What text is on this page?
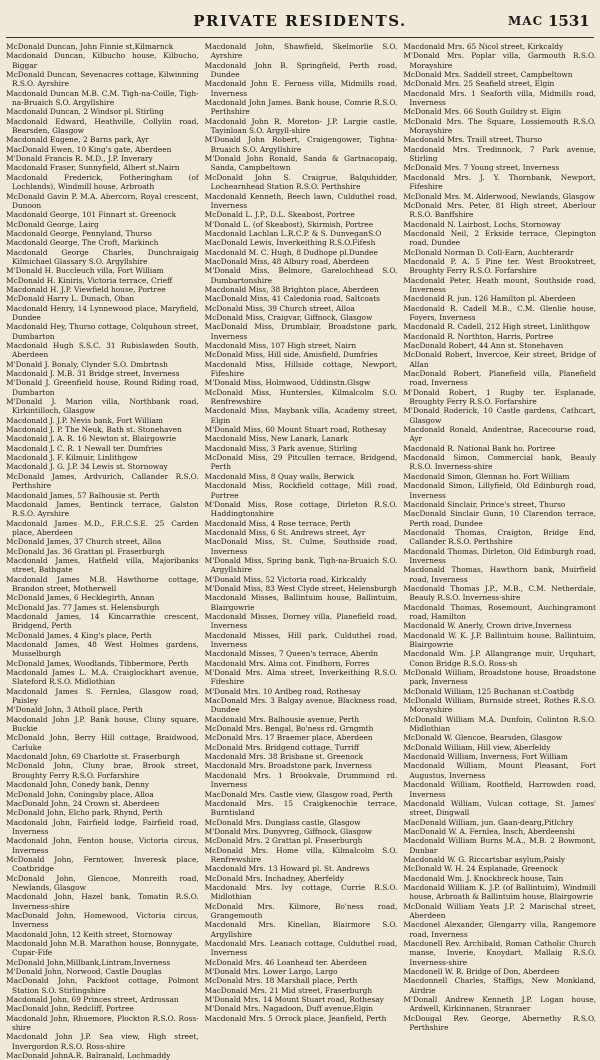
PRIVATE RESIDENTS.	MAC 1531

McDonald Duncan, John Finnie st,Kilmarnck

Macdonald Duncan, Kilbucho house, Kilbucho, Biggar

McDonald Duncan, Sevenacres cottage, Kilwinning R.S.O. Ayrshire

Macdonald Duncan M.B. C.M. Tigh-na-Coille, Tigh-na-Bruaich S.O. Argyllshire

Macdonald Duncan, 2 Windsor pl. Stirling

Macdonald Edward, Heathville, Collylin road, Bearsden, Glasgow

Macdonald Eugene, 2 Barns park, Ayr

MacDonald Ewen, 10 King's gate, Aberdeen

M'Donald Francis R. M.D., J.P. Inverary

Macdonald Fraser, Sunnyfield, Albert st.Nairn

Macdonald Frederick, Fotheringham (of Lochlands), Windmill house, Arbroath

McDonald Gavin P. M.A. Abercorn, Royal crescent, Dunoon

Macdonald George, 101 Finnart st. Greenock

McDonald George, Lairg

Macdonald George, Pennyland, Thurso

Macdonald George, The Croft, Markinch

Macdonald George Charles, Dunchraigaig Kilmichael Glassary S.O. Argyllshire

M'Donald H. Buccleuch villa, Fort William

McDonald H. Kiniris, Victoria terrace, Crieff

Macdonald H. J.P. Viewfield house, Portree

McDonald Harry L. Dunach, Oban

Macdonald Henry, 14 Lynnewood place, Maryfield, Dundee

Macdonald Hey, Thurso cottage, Colquhoun street, Dumbarton

Macdonald Hugh S.S.C. 31 Rubislawden South, Aberdeen

M'Donald J. Bonaly, Clynder S.O. Dmbrtnsh

Macdonald J. M.B. 31 Bridge street, Inverness

M'Donald J. Greenfield house, Round Riding road, Dumbarton

M'Donald J. Marion villa, Northbank road, Kirkintilloch, Glasgow

Macdonald J. J.P. Nevis bank, Fort William

Macdonald J. P. The Neuk, Bath st. Stonehaven

Macdonald J. A. R. 16 Newton st. Blairgowrie

Macdonald J. C. R. 1 Newall ter. Dumfries

Macdonald J. F. Kilmuir, Linlithgow

Macdonald J. G. J.P. 34 Lewis st. Stornoway

McDonald James, Ardvurich, Callander R.S.O. Perthshire

Macdonald James, 57 Balhousie st. Perth

Macdonald James, Bentinck terrace, Galston R.S.O. Ayrshire

Macdonald James M.D., F.R.C.S.E. 25 Carden place, Aberdeen

McDonald James, 37 Church street, Alloa

McDonald Jas. 36 Grattan pl. Fraserburgh

Macdonald James, Hatfield villa, Majoribanks street, Bathgate

Macdonald James M.B. Hawthorne cottage, Brandon street, Motherwell

McDonald James, 6 Hecklegirth, Annan

McDonald Jas. 77 James st. Helensburgh

Macdonald James, 14 Kincarrathie crescent, Bridgend, Perth

McDonald James, 4 King's place, Perth

Macdonald James, 48 West Holmes gardens, Musselburgh

McDonald James, Woodlands, Tibbermore, Perth

Macdonald James L. M.A. Craiglockhart avenue, Slateford R.S.O. Midlothian

Macdonald James S. Fernlea, Glasgow road, Paisley

M'Donald John, 3 Atholl place, Perth

Macdonald John J.P. Bank house, Cluny square, Buckie

McDonald John, Berry Hill cottage, Braidwood, Carluke

Macdonald John, 69 Charlotte st. Fraserburgh

McDonald John, Cluny brae, Brook street, Broughty Ferry R.S.O. Forfarshire

Macdonald John, Conedy bank, Denny

McDonald John, Coningsby place, Alloa

MacDonald John, 24 Crown st. Aberdeen

McDonald John, Elcho park, Rhynd, Perth

Macdonald John, Fairfield lodge, Fairfield road, Inverness

Macdonald John, Fenton house, Victoria circus, Inverness

McDonald John, Ferntower, Inveresk place, Coatbridge

McDonald John, Glencoe, Monreith road, Newlands, Glasgow

Macdonald John, Hazel bank, Tomatin R.S.O. Inverness-shire

MacDonald John, Homewood, Victoria circus, Inverness

Macdonald John, 12 Keith street, Stornoway

Macdonald John M.B. Marathon house, Bonnygate, Cupar-Fife

McDonald John,Millbank,Lintram,Inverness

M'Donald John, Norwood, Castle Douglas

MacDonald John, Packfoot cottage, Polmont Station S.O. Stirlingshire

Macdonald John, 69 Princes street, Ardrossan

MacDonald John, Redcliff, Portree

Macdonald John, Rhuemore, Plockton R.S.O. Ross-shire

Macdonald John J.P. Sea view, High street, Invergordon R.S.O. Ross-shire

MacDonald JohnA.R. Balranald, Lochmaddy

Macdonald John, Shawfield, Skelmorlie S.O. Ayrshire

Macdonald John B. Springfield, Perth road, Dundee

Macdonald John E. Ferness villa, Midmills road, Inverness

Macdonald John James. Bank house, Comrie R.S.O. Perthshire

Macdonald John R. Moreton- J.P. Largie castle, Tayinloan S.O. Argyll-shire

M'Donald John Robert, Craigengower, Tighna-Bruaich S.O. Argyllshire

M'Donald John Ronald, Sanda & Gartnacopaig, Sanda, Campbeltown

McDonald John S. Craigrue, Balquhidder, Lochearnhead Station R.S.O. Perthshire

Macdonald Kenneth, Beech lawn, Culduthel road, Inverness

McDonald L. J.P., D.L. Skeabost, Portree

M'Donald L. (of Skeabost), Skirmish, Portree

Macdonald Lachlan L.R.C.P. & S. DunveganS.O

MacDonald Lewis, Inverkeithing R.S.O.Fifesh

Macdonald M. C. Hugh, 8 Dudhope pl.Dundee

MacDonald Miss, 48 Albury road, Aberdeen

M'Donald Miss, Belmore, Garelochhead S.O. Dumbartonshire

Macdonald Miss, 38 Brighton place, Aberdeen

MacDonald Miss, 41 Caledonia road, Saltcoats

McDonald Miss, 39 Church street, Alloa

McDonald Miss, Craigvar, Giffnock, Glasgow

MacDonald Miss, Drumblair, Broadstone park, Inverness

Macdonald Miss, 107 High street, Nairn

McDonald Miss, Hill side, Amisfield, Dumfries

Macdonald Miss, Hillside cottage, Newport, Fifeshire

M'Donald Miss, Holmwood, Uddinstn.Glsgw

McDonald Miss, Huntersles, Kilmalcolm S.O. Renfrewshire

Macdonald Miss, Maybank villa, Academy street, Elgin

M'Donald Miss, 60 Mount Stuart road, Rothesay

Macdonald Miss, New Lanark, Lanark

Macdonald Miss, 3 Park avenue, Stirling

McDonald Miss, 29 Pitcullen terrace, Bridgend, Perth

Macdonald Miss, 8 Quay walls, Berwick

Macdonald Miss, Rockfield cottage, Mill road, Portree

M'Donald Miss, Rose cottage, Dirleton R.S.O. Haddingtonshire

Macdonald Miss, 4 Rose terrace, Perth

Macdonald Miss, 6 St. Andrews street, Ayr

MacDonald Miss, St. Culme, Southside road, Inverness

M'Donald Miss, Spring bank, Tigh-na-Bruaich S.O. Argyllshire

M'Donald Miss, 52 Victoria road, Kirkcaldy

M'Donald Miss, 83 West Clyde street, Helensburgh

Macdonald Misses, Ballintuim house, Ballintuim, Blairgowrie

Macdonald Misses, Dorney villa, Planefield road, Inverness

Macdonald Misses, Hill park, Culduthel road, Inverness

Macdonald Misses, 7 Queen's terrace, Aberdn

Macdonald Mrs. Alma cot. Findhorn, Forres

M'Donald Mrs. Alma street, Inverkeithing R.S.O. Fifeshire

M'Donald Mrs. 10 Ardbeg road, Rothesay

MacDonald Mrs. 3 Balgay avenue, Blackness road, Dundee

Macdonald Mrs. Balhousie avenue, Perth

McDonald Mrs. Bengal, Bo'ness rd. Grngmth

McDonald Mrs. 17 Braemer place, Aberdeen

McDonald Mrs. Bridgend cottage, Turriff

Macdonald Mrs. 38 Brisbane st. Greenock

Macdonald Mrs. Broadstone park, Inverness

Macdonald Mrs. 1 Brookvale, Drummond rd. Inverness

MacDonald Mrs. Castle view, Glasgow road, Perth

Macdonald Mrs. 15 Craigkenochie terrace, Burntisland

McDonald Mrs. Dunglass castle, Glasgow

M'Donald Mrs. Dunyvreg, Giffnock, Glasgow

McDonald Mrs. 2 Grattan pl. Fraserburgh

McDonald Mrs. Home villa, Kilmalcolm S.O. Renfrewshire

Macdonald Mrs. 13 Howard pl. St. Andrews

McDonald Mrs. Inchadney, Aberfeldy

Macdonald Mrs. Ivy cottage, Currie R.S.O. Midlothian

McDonald Mrs. Kilmore, Bo'ness road, Grangemouth

Macdonald Mrs. Kinellan, Blairmore S.O. Argyllshire

Macdonald Mrs. Leanach cottage, Culduthel road, Inverness

McDonald Mrs. 46 Loanhead ter. Aberdeen

M'Donald Mrs. Lower Largo, Largo

McDonald Mrs. 18 Marshall place, Perth

MacDonald Mrs. 21 Mid street, Fraserburgh

M'Donald Mrs. 14 Mount Stuart road, Rothesay

M'Donald Mrs. Nagadoon, Duff avenue,Elgin

Macdonald Mrs. 5 Orrock place, Jeanfield, Perth

Macdonald Mrs. 65 Nicol street, Kirkcaldy

M'Donald Mrs. Poplar villa, Garmouth R.S.O. Morayshire

McDonald Mrs. Saddell street, Campbeltown

McDonald Mrs. 25 Seafield street, Elgin

Macdonald Mrs. 1 Seaforth villa, Midmills road, Inverness

McDonald Mrs. 66 South Guildry st. Elgin

McDonald Mrs. The Square, Lossiemouth R.S.O. Morayshire

Macdonald Mrs. Traill street, Thurso

Macdonald Mrs. Tredinnock, 7 Park avenue, Stirling

McDonald Mrs. 7 Young street, Inverness

Macdonald Mrs. J. Y. Thornbank, Newport, Fifeshire

McDonald Mrs. M. Alderwood, Newlands, Glasgow

McDonald Mrs. Peter, 81 High street, Aberlour R.S.O. Banffshire

Macdonald N. Lairbost, Lochs, Stornoway

Macdonald Neil, 2 Erkside terrace, Clepington road, Dundee

McDonald Norman D. Coll-Earn, Auchterardr

Macdonald P. A. 5 Pine ter. West Brookstreet, Broughty Ferry R.S.O. Forfarshire

Macdonald Peter, Heath mount, Southside road, Inverness

Macdonald R. jun. 126 Hamilton pl. Aberdeen

Macdonald R. Cadell M.B., C.M. Glenlie house, Foyers, Inverness

Macdonald R. Cadell, 212 High street, Linlithgow

Macdonald R. Northton, Harris, Portree

MacDonald Robert, 44 Ann st. Stonehaven

McDonald Robert, Invercoe, Keir street, Bridge of Allan

MacDonald Robert, Planefield villa, Planefield road, Inverness

M'Donald Robert, 1 Rugby ter. Esplanade, Broughty Ferry R.S.O. Forfarshire

M'Donald Roderick, 10 Castle gardens, Cathcart, Glasgow

Macdonald Ronald, Andentrae, Racecourse road, Ayr

Macdonald R. National Bank ho. Portree

Macdonald Simon, Commercial bank, Beauly R.S.O. Inverness-shire

Macdonald Simon, Glennan ho. Fort William

Macdonald Simon, Lillyfield, Old Edinburgh road, Inverness

Macdonald Sinclair, Prince's street, Thurso

MacDonald Sinclair Gunn, 10 Clarendon terrace, Perth road, Dundee

Macdonald Thomas, Craigton, Bridge End, Callander R.S.O. Perthshire

Macdonald Thomas, Dirleton, Old Edinburgh road, Inverness

Macdonald Thomas, Hawthorn bank, Muirfield road, Inverness

Macdonald Thomas J.P., M.B., C.M. Netherdale, Beauly R.S.O. Inverness-shire

Macdonald Thomas, Rosemount, Auchingramont road, Hamilton

Macdonald W. Anerly, Crown drive,Inverness

Macdonald W. K. J.P. Ballintuim house, Ballintuim, Blairgowrie

Macdonald Wm. J.P. Allangrange muir, Urquhart, Conon Bridge R.S.O. Ross-sh

McDonald William, Broadstone house, Broadstone park, Inverness

McDonald William, 125 Buchanan st.Coatbdg

McDonald William, Burnside street, Rothes R.S.O. Morayshire

McDonald William M.A. Dunfoin, Colinton R.S.O. Midlothian

McDonald W. Glencoe, Bearsden, Glasgow

McDonald William, Hill view, Aberfeldy

Macdonald William, Inverness, Fort William

Macdonald William, Mount Pleasant, Fort Augustus, Inverness

Macdonald William, Rootfield, Harrowden road, Inverness

Macdonald William, Vulcan cottage, St. James' street, Dingwall

MacDonald William, jun. Gaan-dearg,Pitlchry

MacDonald W. A. Fernlea, Insch, Aberdeenshi

Macdonald William Burns M.A., M.B. 2 Bowmont, Dunbar

Macdonald W. G. Riccartsbar asylum,Paisly

McDonald W. H. 24 Esplanade, Greenock

Macdonald Wm. J. Knockbreck house, Tain

Macdonald William K. J.P. (of Ballintuim), Windmill house, Arbroath & Ballintuim house, Blairgowrie

McDonald William Yeats J.P. 2 Marischal street, Aberdeen

Macdonel Alexander, Glengarry villa, Rangemore road, Inverness

Macdonell Rev. Archibald, Roman Catholic Church manse, Inverie, Knoydart, Mallaig R.S.O. Inverness-shire

Macdonell W. R. Bridge of Don, Aberdeen

Macdonnell Charles, Staffigs, New Monkland, Airdrie

M'Donall Andrew Kenneth J.P. Logan house, Ardwell, Kirkinnanen, Stranraer

McDougal Rev. George, Abernethy R.S.O. Perthshire
